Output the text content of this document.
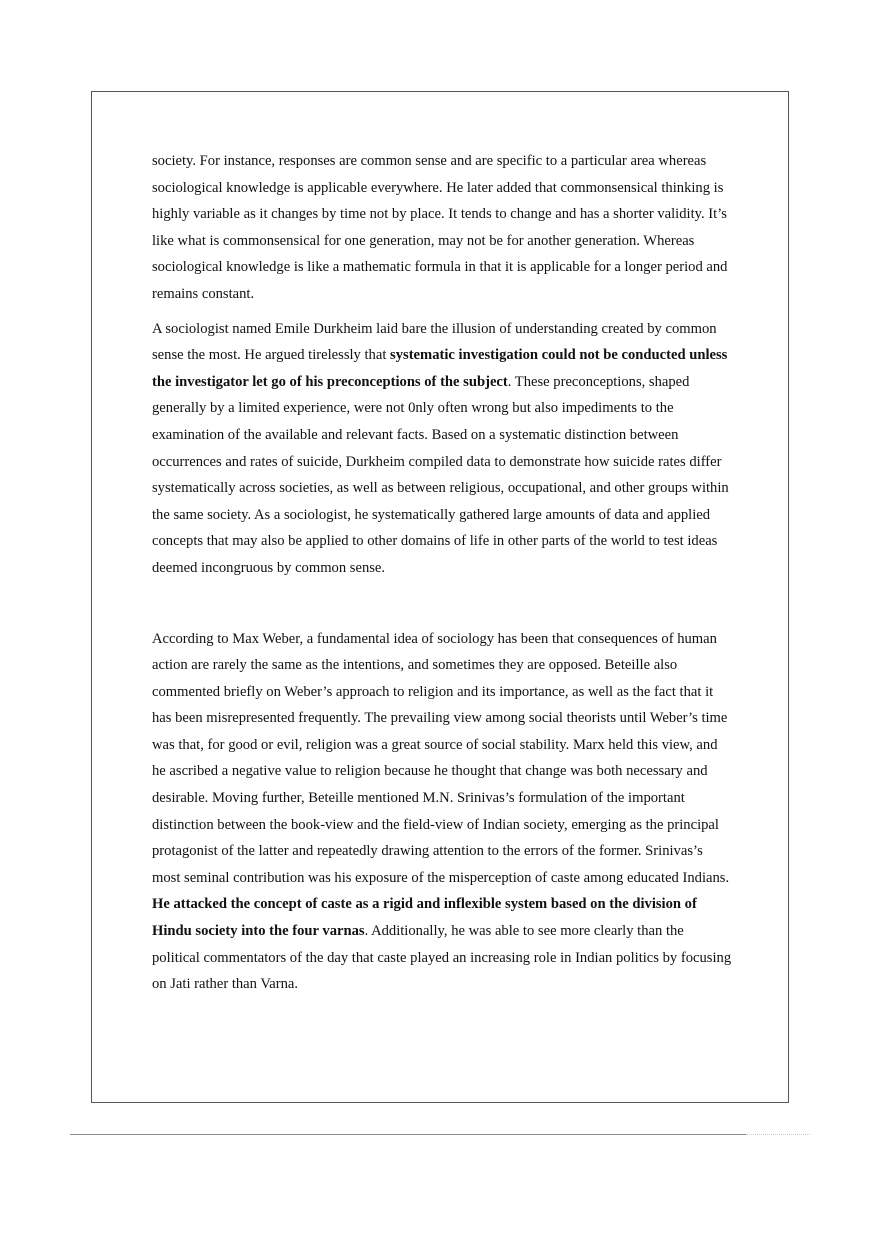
society. For instance, responses are common sense and are specific to a particular area whereas sociological knowledge is applicable everywhere. He later added that commonsensical thinking is highly variable as it changes by time not by place. It tends to change and has a shorter validity. It’s like what is commonsensical for one generation, may not be for another generation. Whereas sociological knowledge is like a mathematic formula in that it is applicable for a longer period and remains constant.

A sociologist named Emile Durkheim laid bare the illusion of understanding created by common sense the most. He argued tirelessly that systematic investigation could not be conducted unless the investigator let go of his preconceptions of the subject. These preconceptions, shaped generally by a limited experience, were not 0nly often wrong but also impediments to the examination of the available and relevant facts. Based on a systematic distinction between occurrences and rates of suicide, Durkheim compiled data to demonstrate how suicide rates differ systematically across societies, as well as between religious, occupational, and other groups within the same society. As a sociologist, he systematically gathered large amounts of data and applied concepts that may also be applied to other domains of life in other parts of the world to test ideas deemed incongruous by common sense.

According to Max Weber, a fundamental idea of sociology has been that consequences of human action are rarely the same as the intentions, and sometimes they are opposed. Beteille also commented briefly on Weber’s approach to religion and its importance, as well as the fact that it has been misrepresented frequently. The prevailing view among social theorists until Weber’s time was that, for good or evil, religion was a great source of social stability. Marx held this view, and he ascribed a negative value to religion because he thought that change was both necessary and desirable. Moving further, Beteille mentioned M.N. Srinivas’s formulation of the important distinction between the book-view and the field-view of Indian society, emerging as the principal protagonist of the latter and repeatedly drawing attention to the errors of the former. Srinivas’s most seminal contribution was his exposure of the misperception of caste among educated Indians. He attacked the concept of caste as a rigid and inflexible system based on the division of Hindu society into the four varnas. Additionally, he was able to see more clearly than the political commentators of the day that caste played an increasing role in Indian politics by focusing on Jati rather than Varna.
